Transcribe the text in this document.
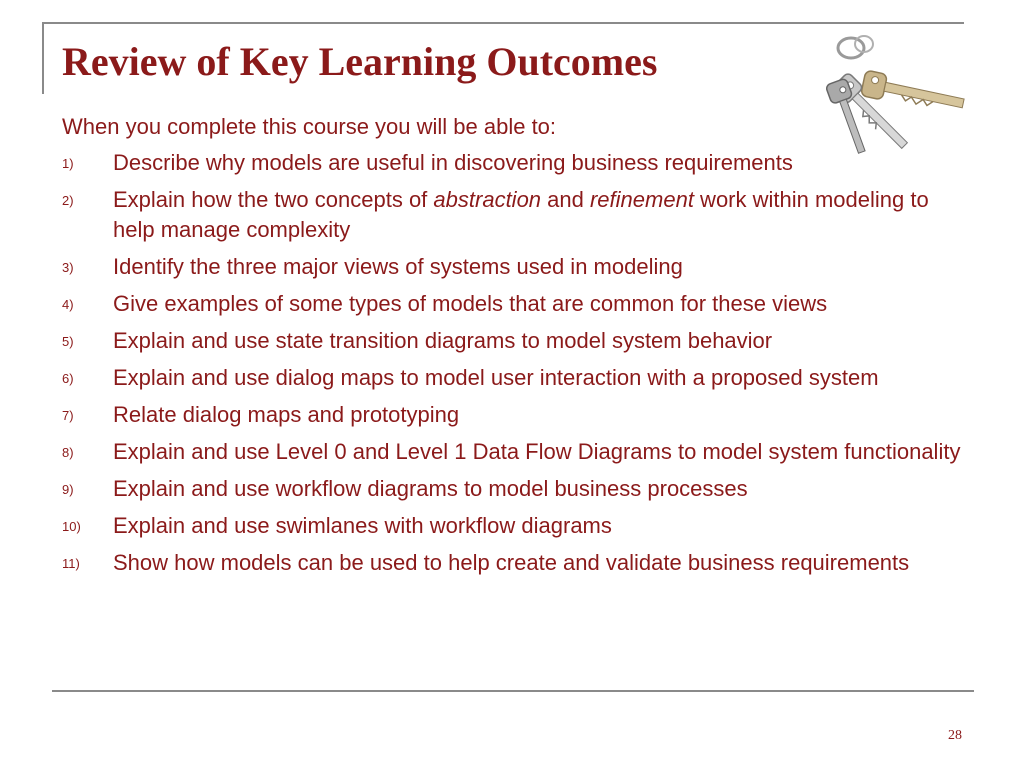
Review of Key Learning Outcomes
When you complete this course you will be able to:
1) Describe why models are useful in discovering business requirements
2) Explain how the two concepts of abstraction and refinement work within modeling to help manage complexity
3) Identify the three major views of systems used in modeling
4) Give examples of some types of models that are common for these views
5) Explain and use state transition diagrams to model system behavior
6) Explain and use dialog maps to model user interaction with a proposed system
7) Relate dialog maps and prototyping
8) Explain and use Level 0 and Level 1 Data Flow Diagrams to model system functionality
9) Explain and use workflow diagrams to model business processes
10) Explain and use swimlanes with workflow diagrams
11) Show how models can be used to help create and validate business requirements
28
